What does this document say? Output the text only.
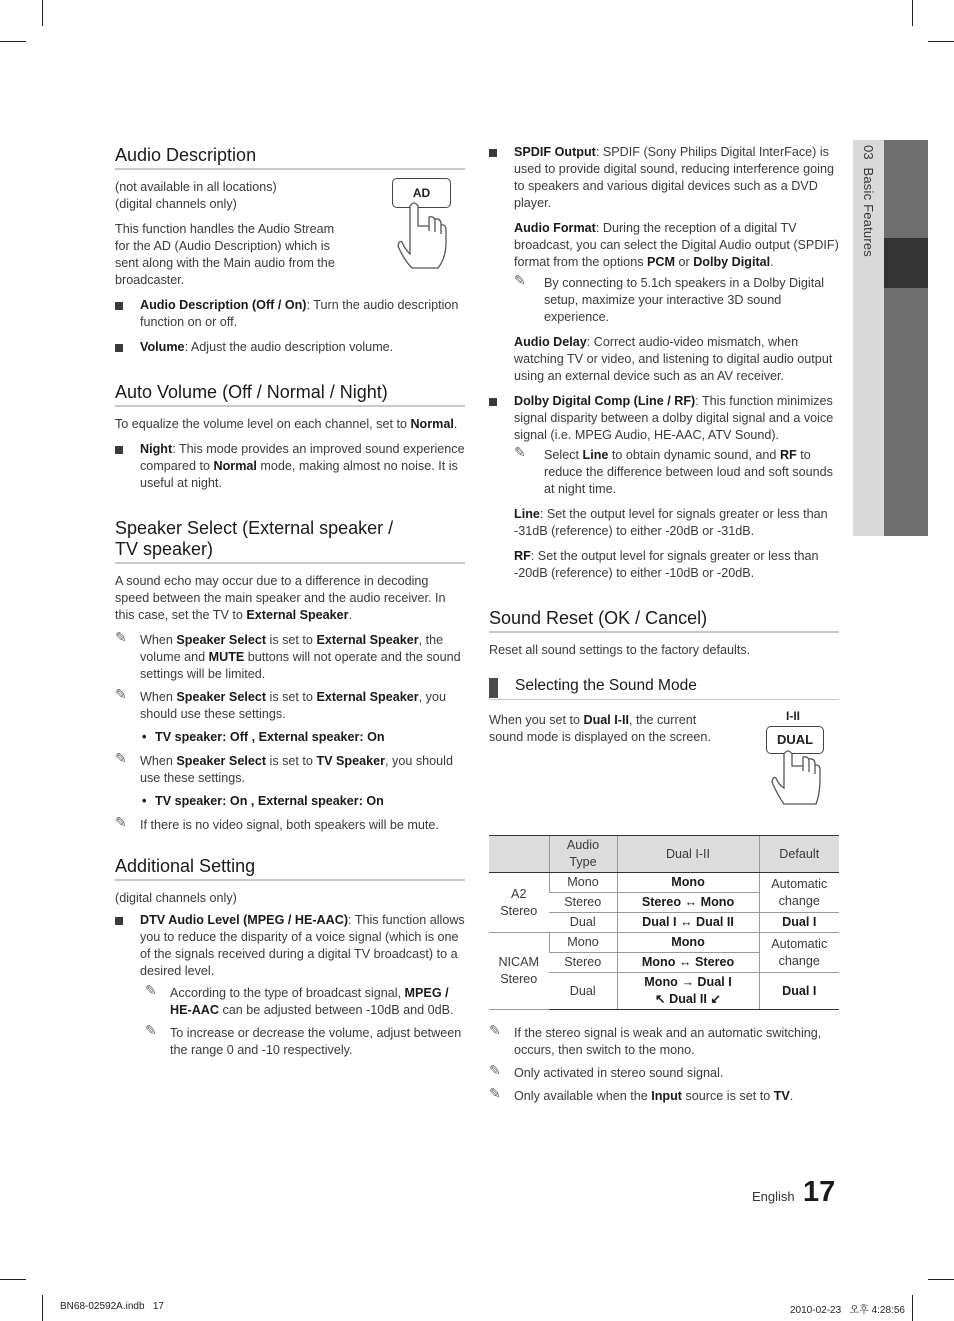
03  Basic Features
Audio Description
(not available in all locations)

(digital channels only)

This function handles the Audio Stream for the AD (Audio Description) which is sent along with the Main audio from the broadcaster.

AD
Audio Description (Off / On): Turn the audio description function on or off.
Volume: Adjust the audio description volume.
Auto Volume (Off / Normal / Night)

To equalize the volume level on each channel, set to Normal.

Night: This mode provides an improved sound experience compared to Normal mode, making almost no noise. It is useful at night.
Speaker Select (External speaker /
TV speaker)

A sound echo may occur due to a difference in decoding speed between the main speaker and the audio receiver. In this case, set the TV to External Speaker.

✎ When Speaker Select is set to External Speaker, the volume and MUTE buttons will not operate and the sound settings will be limited.
✎ When Speaker Select is set to External Speaker, you should use these settings.
• TV speaker: Off , External speaker: On
✎ When Speaker Select is set to TV Speaker, you should use these settings.
• TV speaker: On , External speaker: On
✎ If there is no video signal, both speakers will be mute.
Additional Setting

(digital channels only)

DTV Audio Level (MPEG / HE-AAC): This function allows you to reduce the disparity of a voice signal (which is one of the signals received during a digital TV broadcast) to a desired level.
✎ According to the type of broadcast signal, MPEG / HE-AAC can be adjusted between -10dB and 0dB.
✎ To increase or decrease the volume, adjust between the range 0 and -10 respectively.
SPDIF Output: SPDIF (Sony Philips Digital InterFace) is used to provide digital sound, reducing interference going to speakers and various digital devices such as a DVD player.

Audio Format: During the reception of a digital TV broadcast, you can select the Digital Audio output (SPDIF) format from the options PCM or Dolby Digital.

✎ By connecting to 5.1ch speakers in a Dolby Digital setup, maximize your interactive 3D sound experience.

Audio Delay: Correct audio-video mismatch, when watching TV or video, and listening to digital audio output using an external device such as an AV receiver.

Dolby Digital Comp (Line / RF): This function minimizes signal disparity between a dolby digital signal and a voice signal (i.e. MPEG Audio, HE-AAC, ATV Sound).
✎ Select Line to obtain dynamic sound, and RF to reduce the difference between loud and soft sounds at night time.

Line: Set the output level for signals greater or less than -31dB (reference) to either -20dB or -31dB.

RF: Set the output level for signals greater or less than -20dB (reference) to either -10dB or -20dB.

Sound Reset (OK / Cancel)

Reset all sound settings to the factory defaults.

Selecting the Sound Mode
When you set to Dual I-II, the current sound mode is displayed on the screen.
I-II
DUAL
	Audio Type	Dual I-II	Default
A2 Stereo	Mono	Mono	Automatic change
	Stereo	Stereo ↔ Mono	
	Dual	Dual I ↔ Dual II	Dual I
NICAM Stereo	Mono	Mono	Automatic change
	Stereo	Mono ↔ Stereo	
	Dual	Mono → Dual I
↖ Dual II ↙	Dual I
✎ If the stereo signal is weak and an automatic switching, occurs, then switch to the mono.
✎ Only activated in stereo sound signal.
✎ Only available when the Input source is set to TV.
English 17
BN68-02592A.indb   17	2010-02-23   오후 4:28:56
